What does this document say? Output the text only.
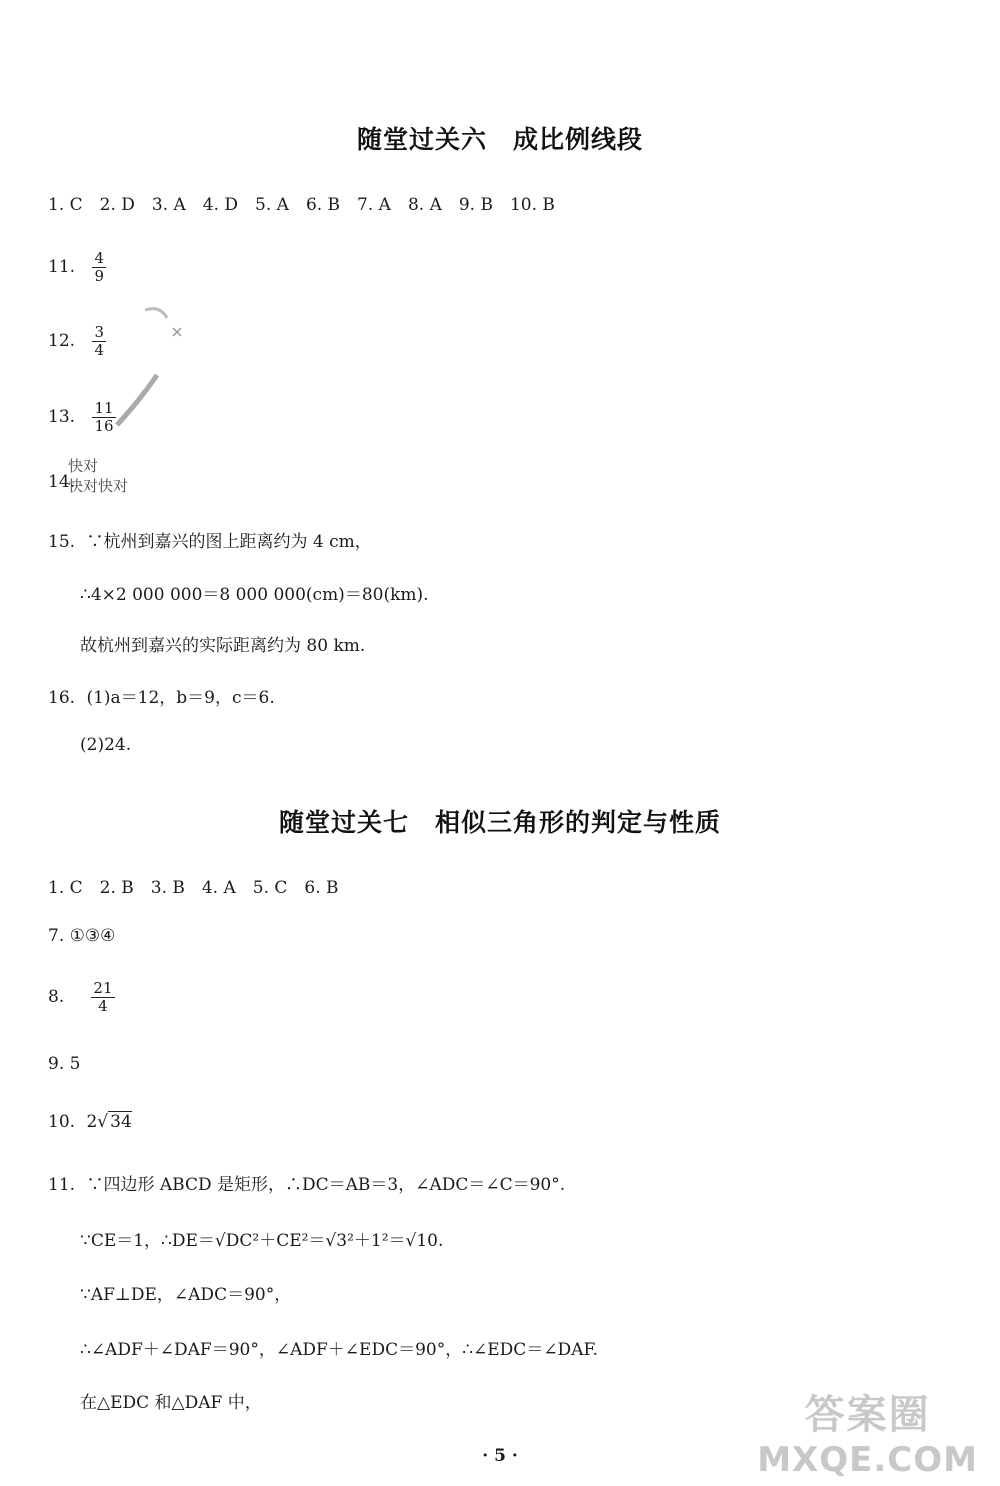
随堂过关六　成比例线段
1. C　2. D　3. A　4. D　5. A　6. B　7. A　8. A　9. B　10. B
11. $\frac{4}{9}$
12. $\frac{3}{4}$
13. $\frac{11}{16}$
14.
快对
快对快对
15. ∵杭州到嘉兴的图上距离约为 4 cm，
∴4×2 000 000＝8 000 000(cm)＝80(km).
故杭州到嘉兴的实际距离约为 80 km.
16. (1)a＝12，b＝9，c＝6.
(2)24.
随堂过关七　相似三角形的判定与性质
1. C　2. B　3. B　4. A　5. C　6. B
7. ①③④
8. $\frac{21}{4}$
9. 5
10. 2√ 34
11. ∵四边形 ABCD 是矩形，∴DC＝AB＝3，∠ADC＝∠C＝90°.
∵CE＝1，∴DE＝√DC²＋CE²＝√3²＋1²＝√10.
∵AF⊥DE，∠ADC＝90°，
∴∠ADF＋∠DAF＝90°，∠ADF＋∠EDC＝90°，∴∠EDC＝∠DAF.
在△EDC 和△DAF 中，
· 5 ·
答案圈
MXQE.COM
